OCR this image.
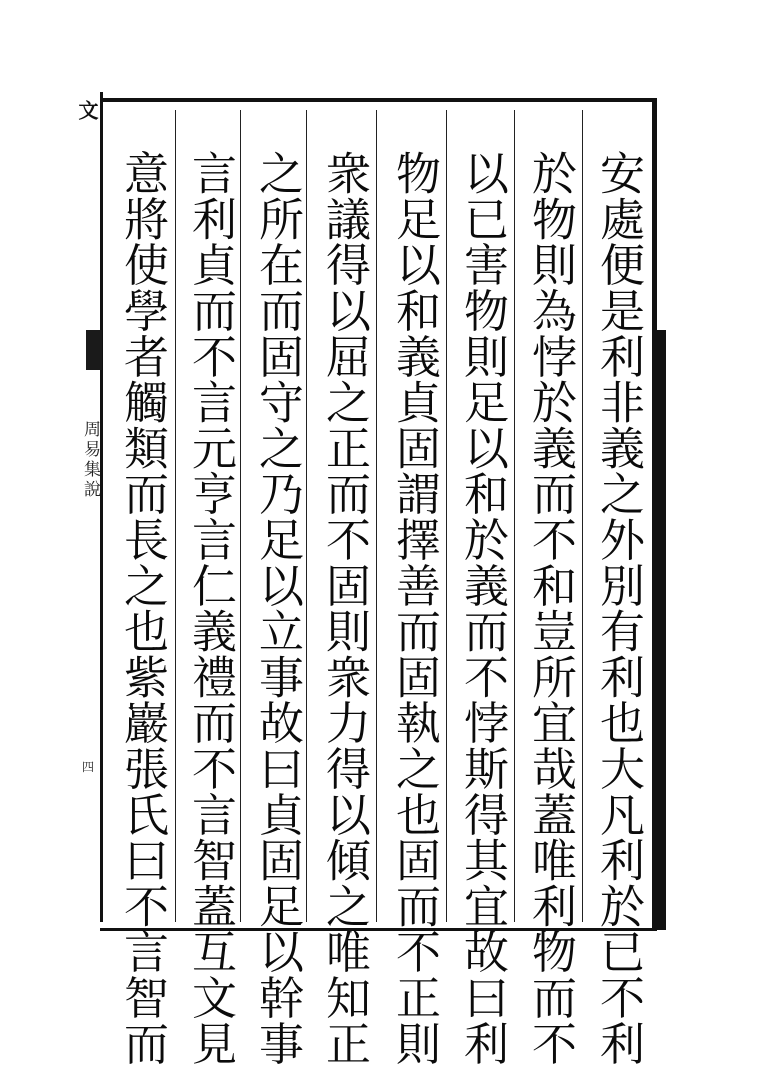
文
周易集說
四	安處便是利非義之外別有利也大凡利於已不利
於物則為悖於義而不和豈所宜哉蓋唯利物而不
以已害物則足以和於義而不悖斯得其宜故曰利
物足以和義貞固謂擇善而固執之也固而不正則
衆議得以屈之正而不固則衆力得以傾之唯知正
之所在而固守之乃足以立事故曰貞固足以幹事
言利貞而不言元亨言仁義禮而不言智蓋互文見
意將使學者觸類而長之也紫巖張氏曰不言智而
